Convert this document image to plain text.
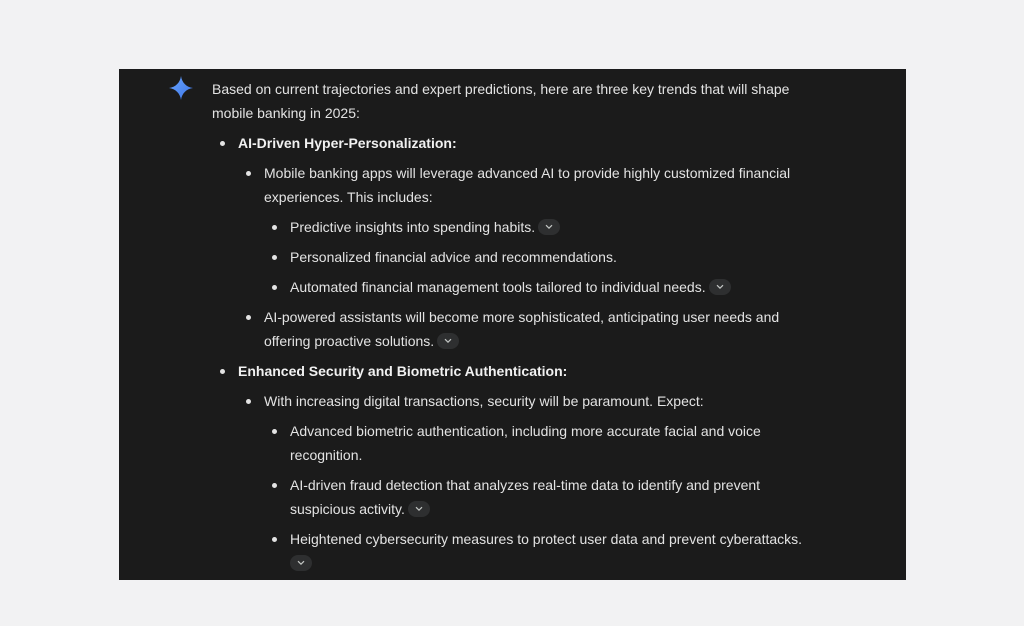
Based on current trajectories and expert predictions, here are three key trends that will shape mobile banking in 2025:

AI-Driven Hyper-Personalization:
Mobile banking apps will leverage advanced AI to provide highly customized financial experiences. This includes:
Predictive insights into spending habits.
Personalized financial advice and recommendations.
Automated financial management tools tailored to individual needs.
AI-powered assistants will become more sophisticated, anticipating user needs and offering proactive solutions.
Enhanced Security and Biometric Authentication:
With increasing digital transactions, security will be paramount. Expect:
Advanced biometric authentication, including more accurate facial and voice recognition.
AI-driven fraud detection that analyzes real-time data to identify and prevent suspicious activity.
Heightened cybersecurity measures to protect user data and prevent cyberattacks.
